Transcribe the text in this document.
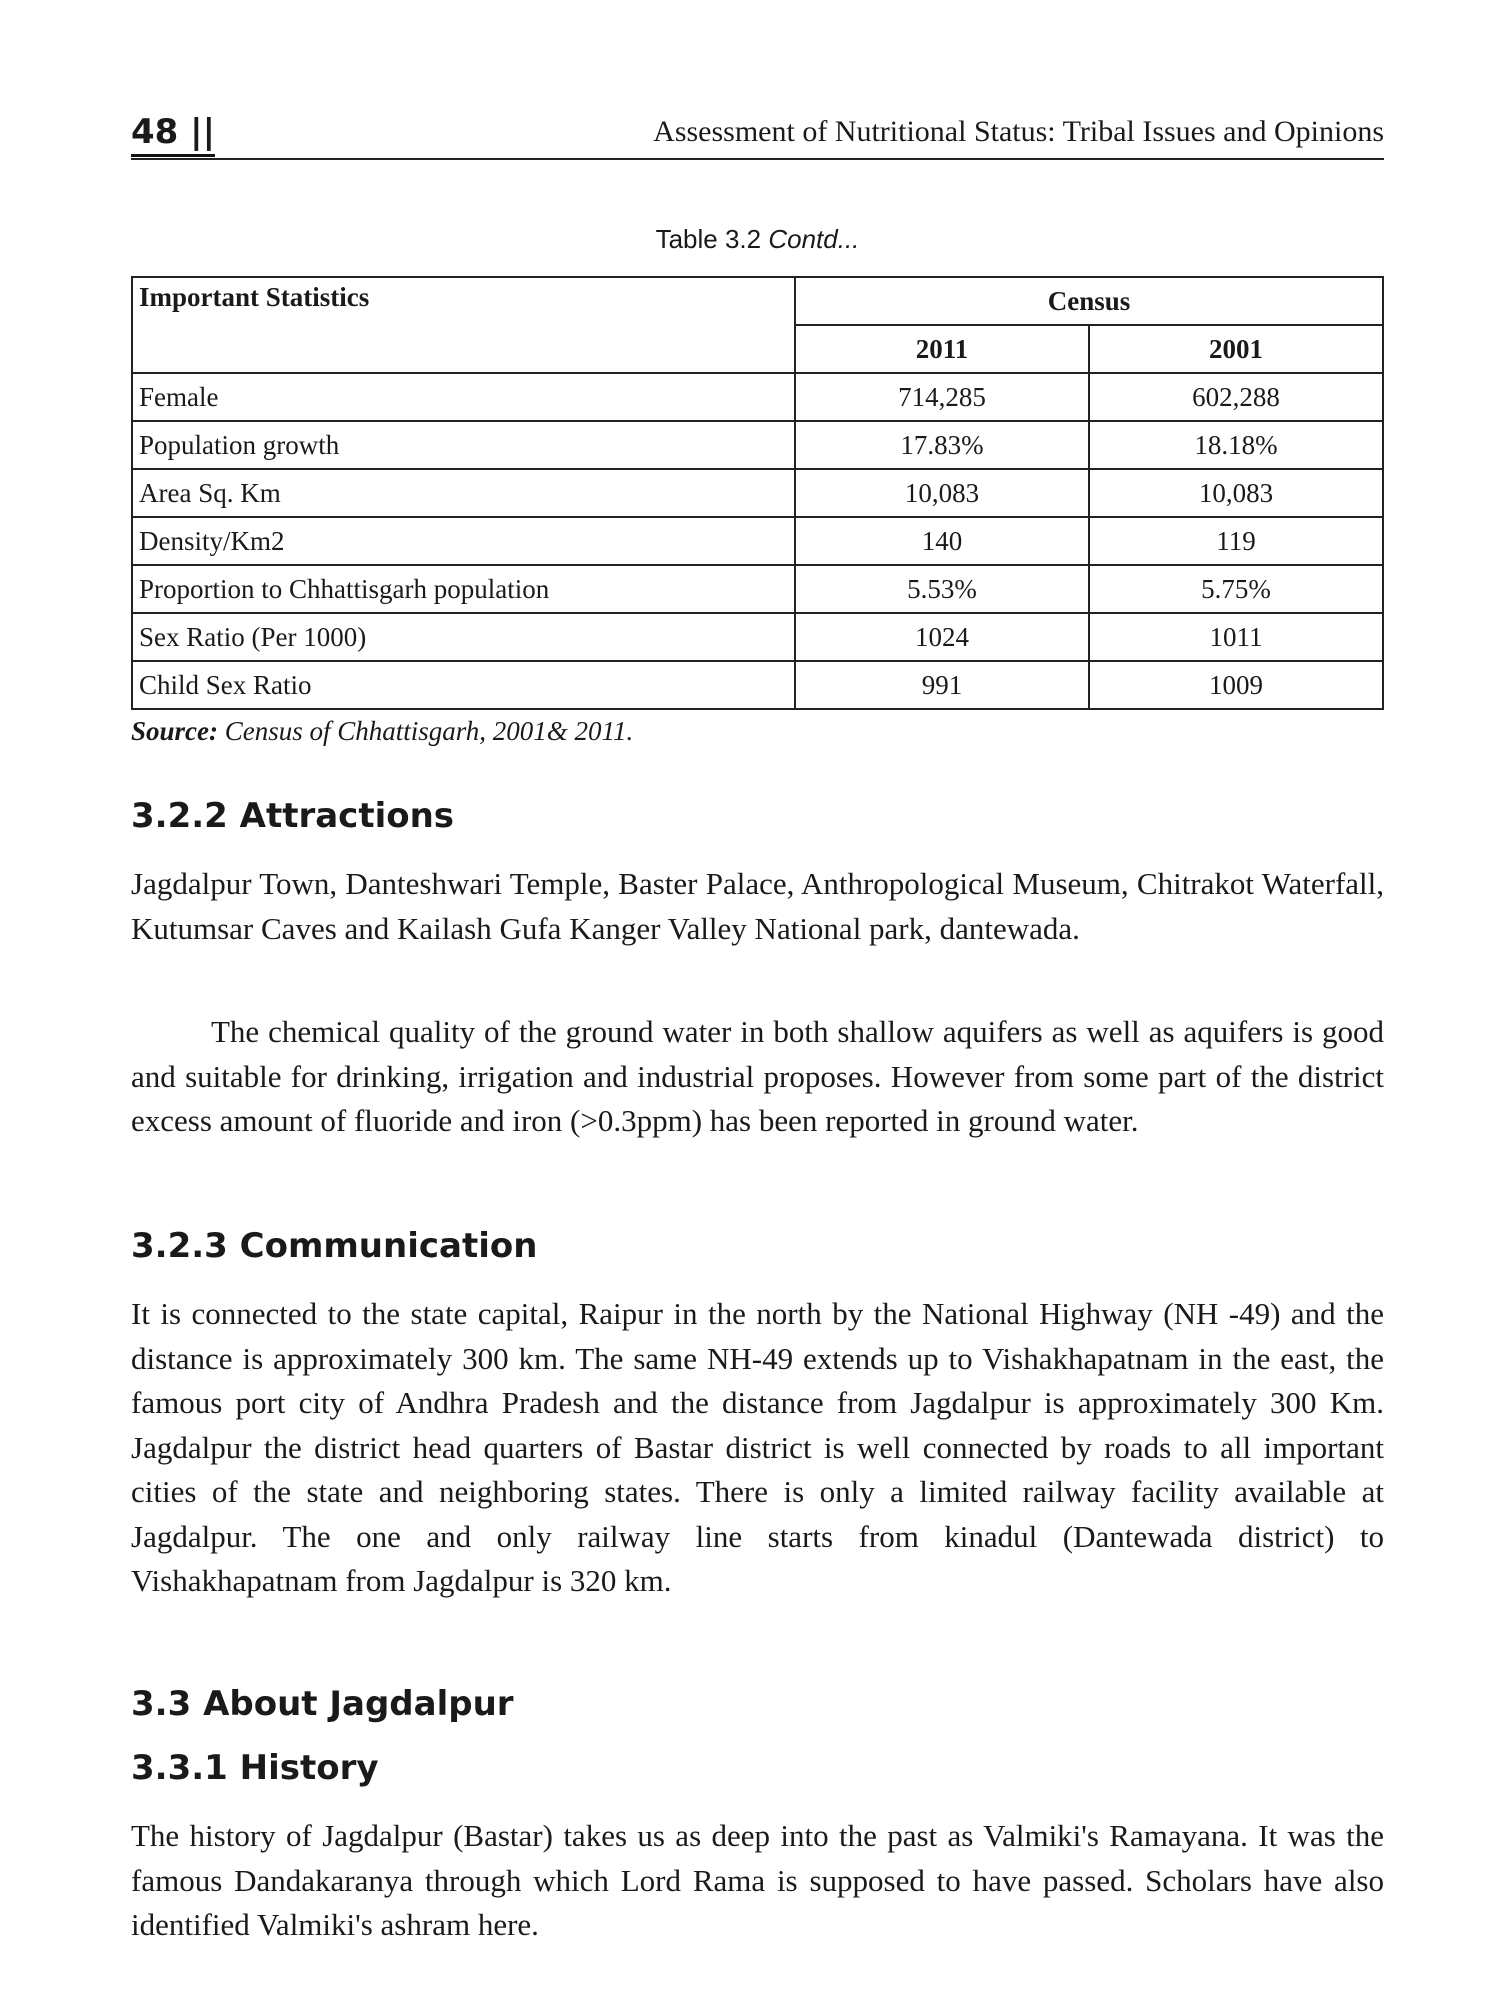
48 ||	Assessment of Nutritional Status: Tribal Issues and Opinions
Table 3.2 Contd...
Important Statistics	Census	
	2011	2001
Female	714,285	602,288
Population growth	17.83%	18.18%
Area Sq. Km	10,083	10,083
Density/Km2	140	119
Proportion to Chhattisgarh population	5.53%	5.75%
Sex Ratio (Per 1000)	1024	1011
Child Sex Ratio	991	1009
Source: Census of Chhattisgarh, 2001& 2011.
3.2.2 Attractions

Jagdalpur Town, Danteshwari Temple, Baster Palace, Anthropological Museum, Chitrakot Waterfall, Kutumsar Caves and Kailash Gufa Kanger Valley National park, dantewada.

The chemical quality of the ground water in both shallow aquifers as well as aquifers is good and suitable for drinking, irrigation and industrial proposes. However from some part of the district excess amount of fluoride and iron (>0.3ppm) has been reported in ground water.

3.2.3 Communication

It is connected to the state capital, Raipur in the north by the National Highway (NH -49) and the distance is approximately 300 km. The same NH-49 extends up to Vishakhapatnam in the east, the famous port city of Andhra Pradesh and the distance from Jagdalpur is approximately 300 Km. Jagdalpur the district head quarters of Bastar district is well connected by roads to all important cities of the state and neighboring states. There is only a limited railway facility available at Jagdalpur. The one and only railway line starts from kinadul (Dantewada district) to Vishakhapatnam from Jagdalpur is 320 km.

3.3 About Jagdalpur
3.3.1 History

The history of Jagdalpur (Bastar) takes us as deep into the past as Valmiki's Ramayana. It was the famous Dandakaranya through which Lord Rama is supposed to have passed. Scholars have also identified Valmiki's ashram here.
